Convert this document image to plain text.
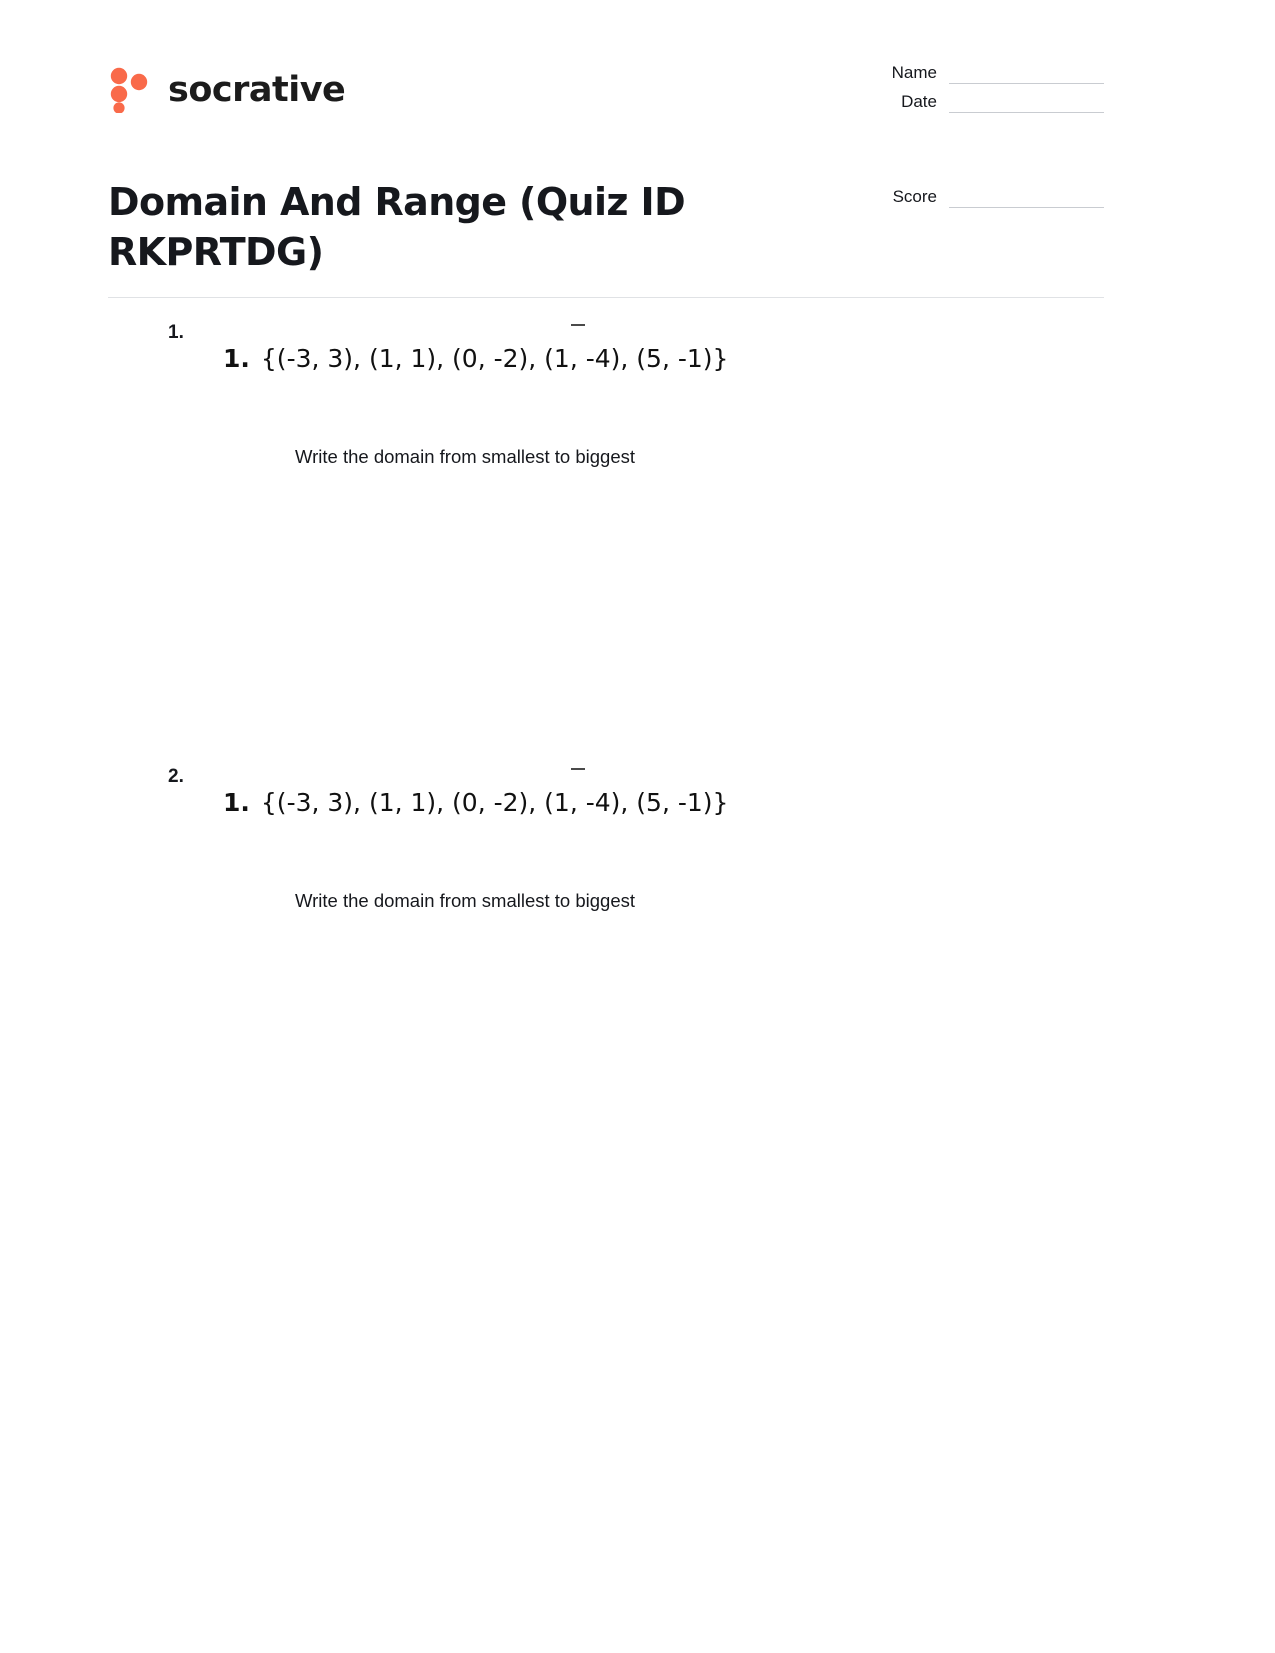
socrative	Name
Date
Score
Domain And Range (Quiz ID RKPRTDG)
1.
1. {(-3, 3), (1, 1), (0, -2), (1, -4), (5, -1)}
Write the domain from smallest to biggest
2.
1. {(-3, 3), (1, 1), (0, -2), (1, -4), (5, -1)}
Write the domain from smallest to biggest
